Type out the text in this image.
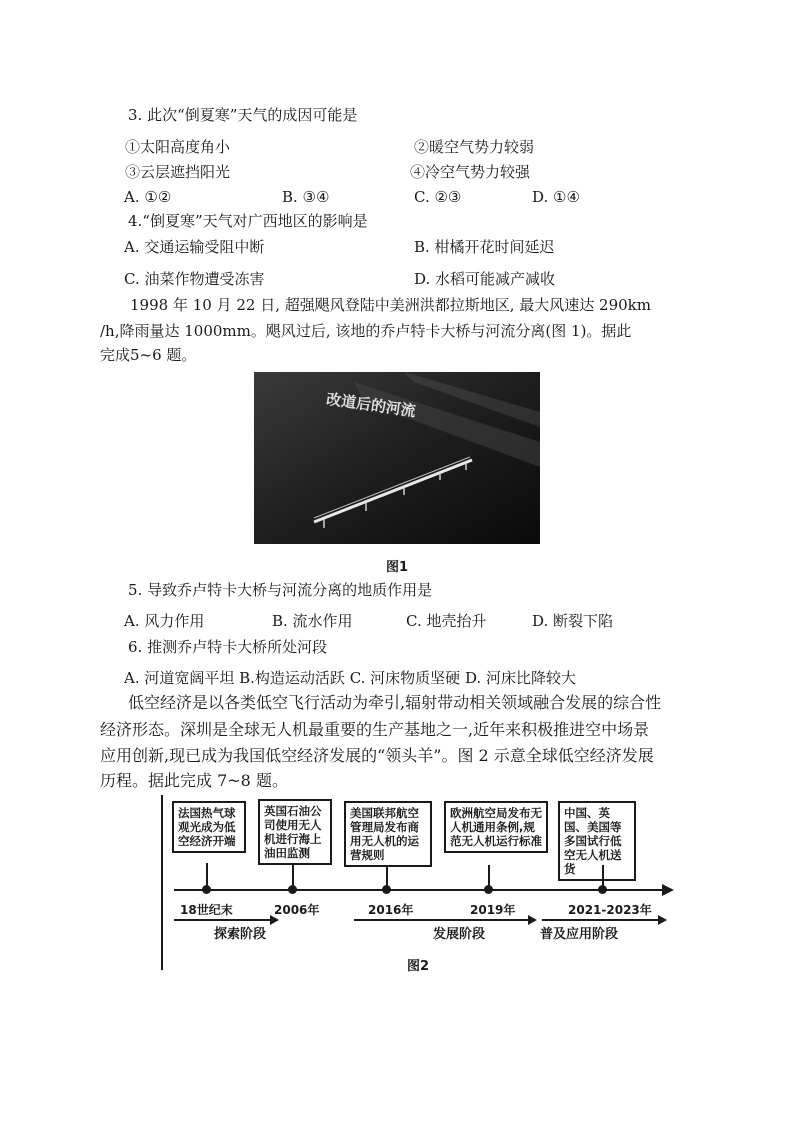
3. 此次“倒夏寒”天气的成因可能是
①太阳高度角小	②暖空气势力较弱
③云层遮挡阳光	④冷空气势力较强
A. ①②	B. ③④	C. ②③	D. ①④
4.“倒夏寒”天气对广西地区的影响是
A. 交通运输受阻中断	B. 柑橘开花时间延迟
C. 油菜作物遭受冻害	D. 水稻可能减产减收
1998 年 10 月 22 日, 超强飓风登陆中美洲洪都拉斯地区, 最大风速达 290km
/h,降雨量达 1000mm。飓风过后, 该地的乔卢特卡大桥与河流分离(图 1)。据此
完成5~6 题。
改道后的河流
图1
5. 导致乔卢特卡大桥与河流分离的地质作用是
A. 风力作用	B. 流水作用	C. 地壳抬升	D. 断裂下陷
6. 推测乔卢特卡大桥所处河段
A. 河道宽阔平坦 B.构造运动活跃 C. 河床物质坚硬 D. 河床比降较大
低空经济是以各类低空飞行活动为牵引,辐射带动相关领域融合发展的综合性
经济形态。深圳是全球无人机最重要的生产基地之一,近年来积极推进空中场景
应用创新,现已成为我国低空经济发展的“领头羊”。图 2 示意全球低空经济发展
历程。据此完成 7~8 题。
法国热气球观光成为低空经济开端
18世纪末
英国石油公司使用无人机进行海上油田监测
2006年
美国联邦航空管理局发布商用无人机的运营规则
2016年
欧洲航空局发布无人机通用条例,规范无人机运行标准
2019年
中国、英国、美国等多国试行低空无人机送货
2021-2023年
探索阶段	发展阶段	普及应用阶段
图2
